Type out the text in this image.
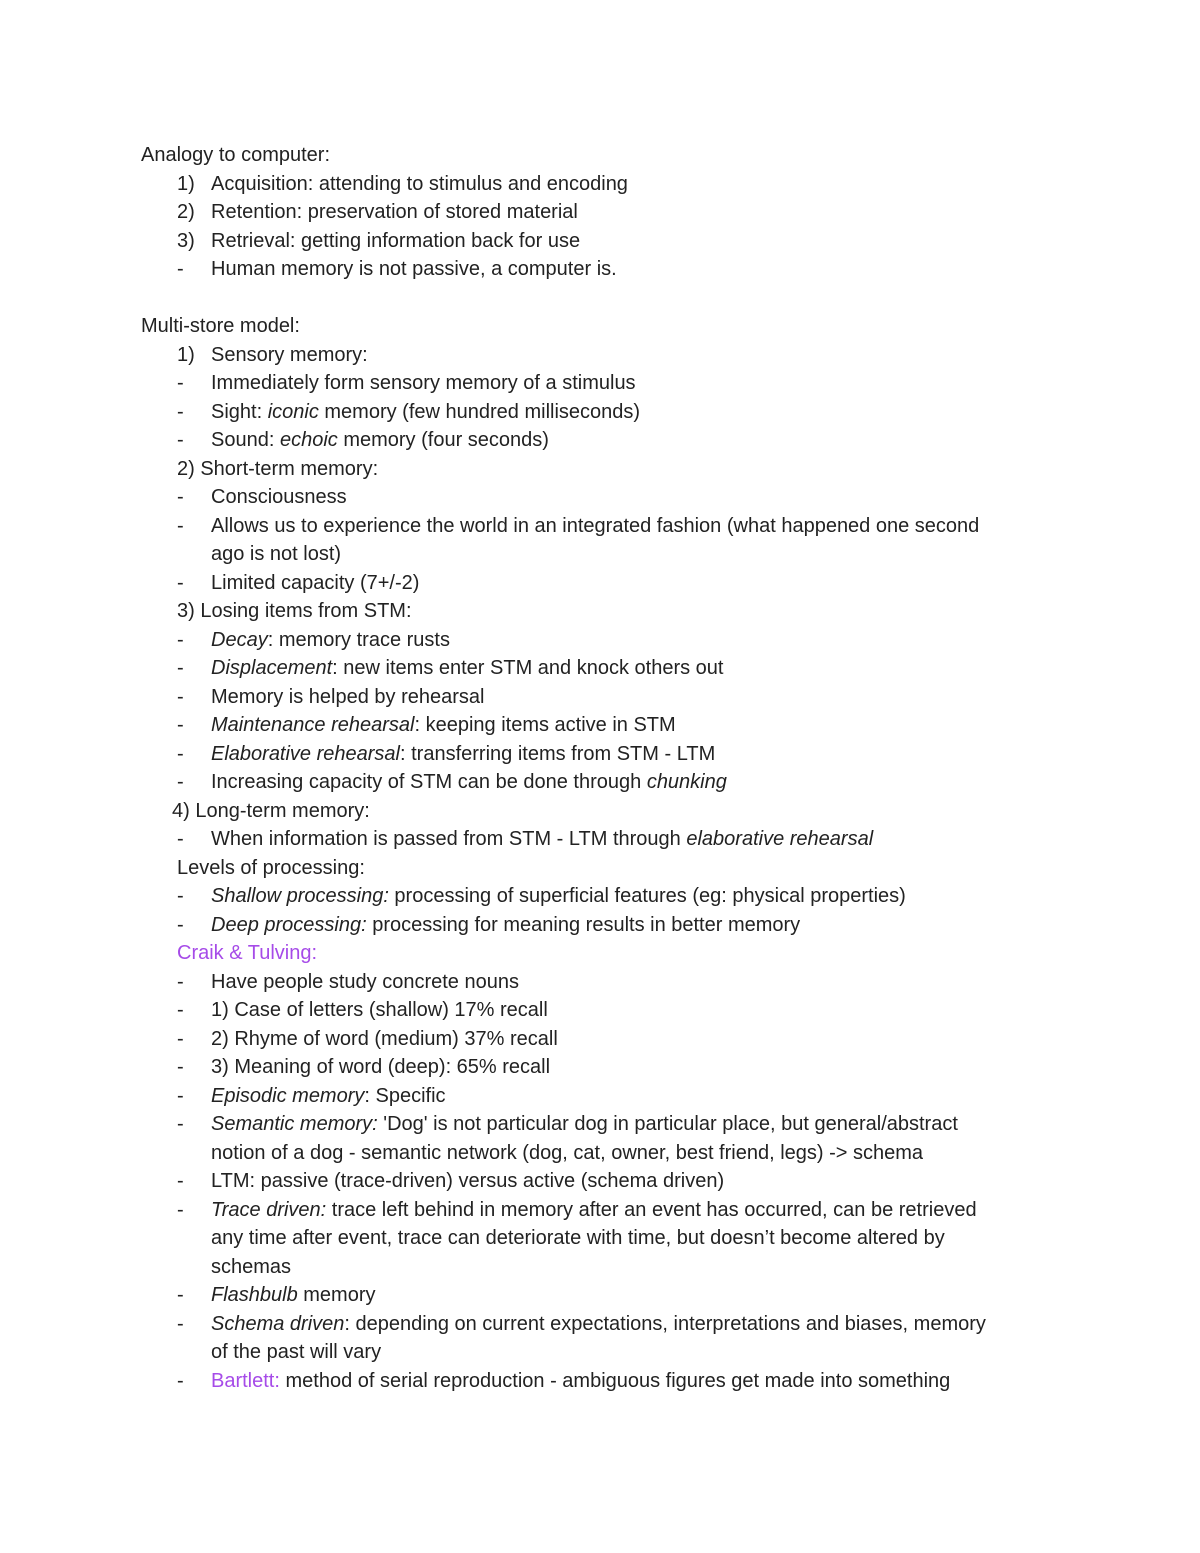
Analogy to computer:
1) Acquisition: attending to stimulus and encoding
2) Retention: preservation of stored material
3) Retrieval: getting information back for use
- Human memory is not passive, a computer is.
Multi-store model:
1) Sensory memory:
- Immediately form sensory memory of a stimulus
- Sight: iconic memory (few hundred milliseconds)
- Sound: echoic memory (four seconds)
2) Short-term memory:
- Consciousness
- Allows us to experience the world in an integrated fashion (what happened one second
ago is not lost)
- Limited capacity (7+/-2)
3) Losing items from STM:
- Decay: memory trace rusts
- Displacement: new items enter STM and knock others out
- Memory is helped by rehearsal
- Maintenance rehearsal: keeping items active in STM
- Elaborative rehearsal: transferring items from STM - LTM
- Increasing capacity of STM can be done through chunking
4) Long-term memory:
- When information is passed from STM - LTM through elaborative rehearsal
Levels of processing:
- Shallow processing: processing of superficial features (eg: physical properties)
- Deep processing: processing for meaning results in better memory
Craik & Tulving:
- Have people study concrete nouns
- 1) Case of letters (shallow) 17% recall
- 2) Rhyme of word (medium) 37% recall
- 3) Meaning of word (deep): 65% recall
- Episodic memory: Specific
- Semantic memory: 'Dog' is not particular dog in particular place, but general/abstract
notion of a dog - semantic network (dog, cat, owner, best friend, legs) -> schema
- LTM: passive (trace-driven) versus active (schema driven)
- Trace driven: trace left behind in memory after an event has occurred, can be retrieved
any time after event, trace can deteriorate with time, but doesn’t become altered by
schemas
- Flashbulb memory
- Schema driven: depending on current expectations, interpretations and biases, memory
of the past will vary
- Bartlett: method of serial reproduction - ambiguous figures get made into something
